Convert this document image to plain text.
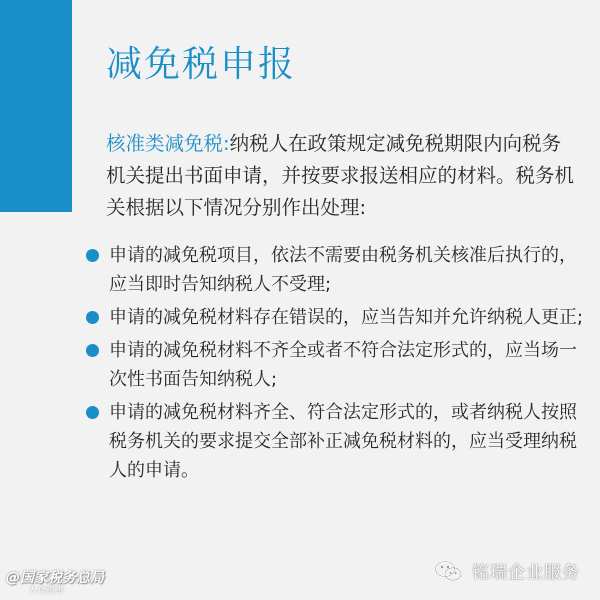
减免税申报

核准类减免税:纳税人在政策规定减免税期限内向税务机关提出书面申请，并按要求报送相应的材料。税务机关根据以下情况分别作出处理:

申请的减免税项目，依法不需要由税务机关核准后执行的，应当即时告知纳税人不受理;
申请的减免税材料存在错误的，应当告知并允许纳税人更正;
申请的减免税材料不齐全或者不符合法定形式的，应当场一次性书面告知纳税人;
申请的减免税材料齐全、符合法定形式的，或者纳税人按照税务机关的要求提交全部补正减免税材料的，应当受理纳税人的申请。
@国家税务总局
大众税事
铭瑞企业服务
